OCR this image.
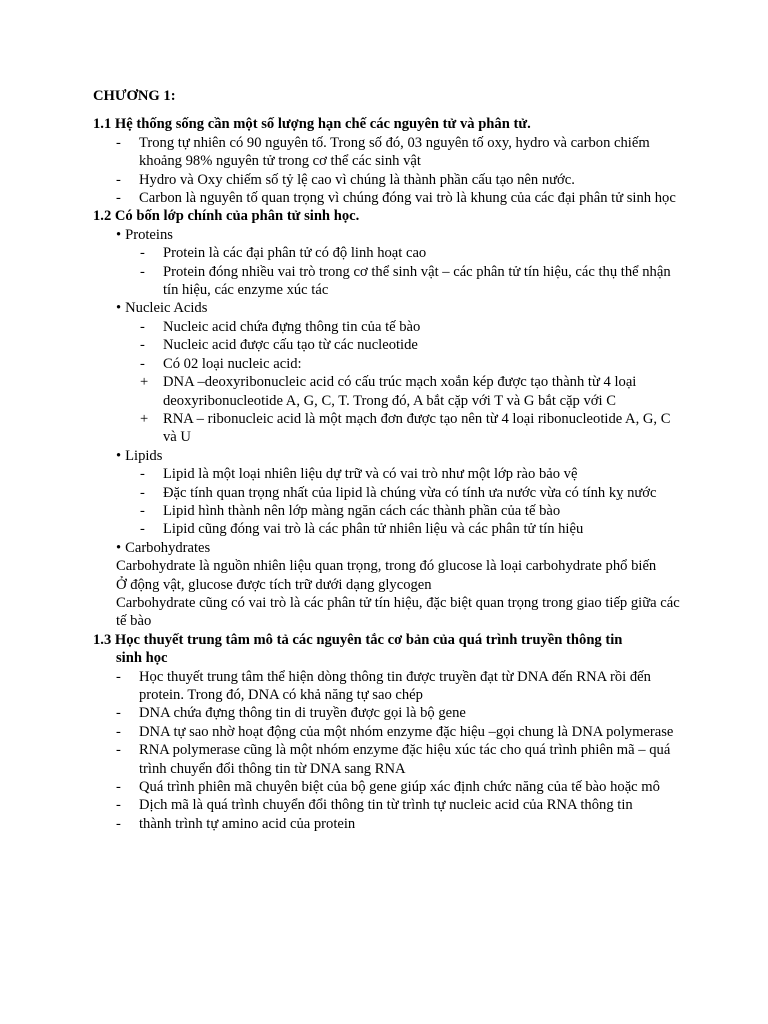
CHƯƠNG 1:
1.1 Hệ thống sống cần một số lượng hạn chế các nguyên tử và phân tử.
- Trong tự nhiên có 90 nguyên tố. Trong số đó, 03 nguyên tố oxy, hydro và carbon chiếm khoảng 98% nguyên tử trong cơ thể các sinh vật
- Hydro và Oxy chiếm số tỷ lệ cao vì chúng là thành phần cấu tạo nên nước.
- Carbon là nguyên tố quan trọng vì chúng đóng vai trò là khung của các đại phân tử sinh học
1.2 Có bốn lớp chính của phân tử sinh học.
• Proteins
- Protein là các đại phân tử có độ linh hoạt cao
- Protein đóng nhiều vai trò trong cơ thể sinh vật – các phân tử tín hiệu, các thụ thể nhận tín hiệu, các enzyme xúc tác
• Nucleic Acids
- Nucleic acid chứa đựng thông tin của tế bào
- Nucleic acid được cấu tạo từ các nucleotide
- Có 02 loại nucleic acid:
+ DNA –deoxyribonucleic acid có cấu trúc mạch xoắn kép được tạo thành từ 4 loại deoxyribonucleotide A, G, C, T. Trong đó, A bắt cặp với T và G bắt cặp với C
+ RNA – ribonucleic acid là một mạch đơn được tạo nên từ 4 loại ribonucleotide A, G, C và U
• Lipids
- Lipid là một loại nhiên liệu dự trữ và có vai trò như một lớp rào bảo vệ
- Đặc tính quan trọng nhất của lipid là chúng vừa có tính ưa nước vừa có tính kỵ nước
- Lipid hình thành nên lớp màng ngăn cách các thành phần của tế bào
- Lipid cũng đóng vai trò là các phân tử nhiên liệu và các phân tử tín hiệu
• Carbohydrates
Carbohydrate là nguồn nhiên liệu quan trọng, trong đó glucose là loại carbohydrate phổ biến
Ở động vật, glucose được tích trữ dưới dạng glycogen
Carbohydrate cũng có vai trò là các phân tử tín hiệu, đặc biệt quan trọng trong giao tiếp giữa các tế bào
1.3 Học thuyết trung tâm mô tả các nguyên tắc cơ bản của quá trình truyền thông tin
sinh học
- Học thuyết trung tâm thể hiện dòng thông tin được truyền đạt từ DNA đến RNA rồi đến protein. Trong đó, DNA có khả năng tự sao chép
- DNA chứa đựng thông tin di truyền được gọi là bộ gene
- DNA tự sao nhờ hoạt động của một nhóm enzyme đặc hiệu –gọi chung là DNA polymerase
- RNA polymerase cũng là một nhóm enzyme đặc hiệu xúc tác cho quá trình phiên mã – quá trình chuyển đổi thông tin từ DNA sang RNA
- Quá trình phiên mã chuyên biệt của bộ gene giúp xác định chức năng của tế bào hoặc mô
- Dịch mã là quá trình chuyển đổi thông tin từ trình tự nucleic acid của RNA thông tin
- thành trình tự amino acid của protein
